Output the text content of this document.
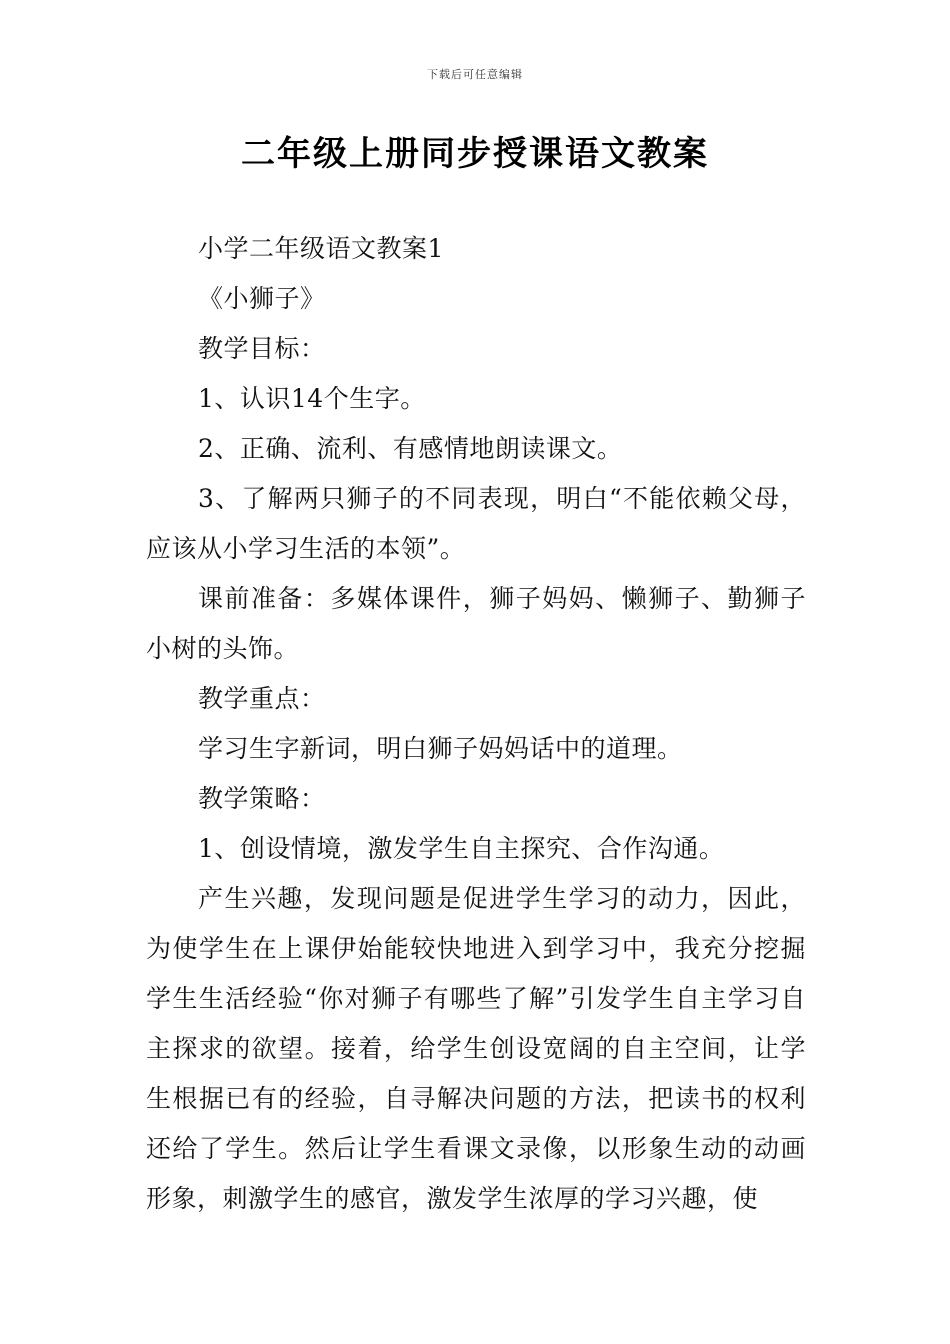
下载后可任意编辑
二年级上册同步授课语文教案

小学二年级语文教案1

《小狮子》

教学目标：

1、认识14个生字。

2、正确、流利、有感情地朗读课文。

3、了解两只狮子的不同表现，明白“不能依赖父母，应该从小学习生活的本领”。

课前准备：多媒体课件，狮子妈妈、懒狮子、勤狮子小树的头饰。

教学重点：

学习生字新词，明白狮子妈妈话中的道理。

教学策略：

1、创设情境，激发学生自主探究、合作沟通。

产生兴趣，发现问题是促进学生学习的动力，因此，为使学生在上课伊始能较快地进入到学习中，我充分挖掘学生生活经验“你对狮子有哪些了解”引发学生自主学习自主探求的欲望。接着，给学生创设宽阔的自主空间，让学生根据已有的经验，自寻解决问题的方法，把读书的权利还给了学生。然后让学生看课文录像，以形象生动的动画形象，刺激学生的感官，激发学生浓厚的学习兴趣，使
